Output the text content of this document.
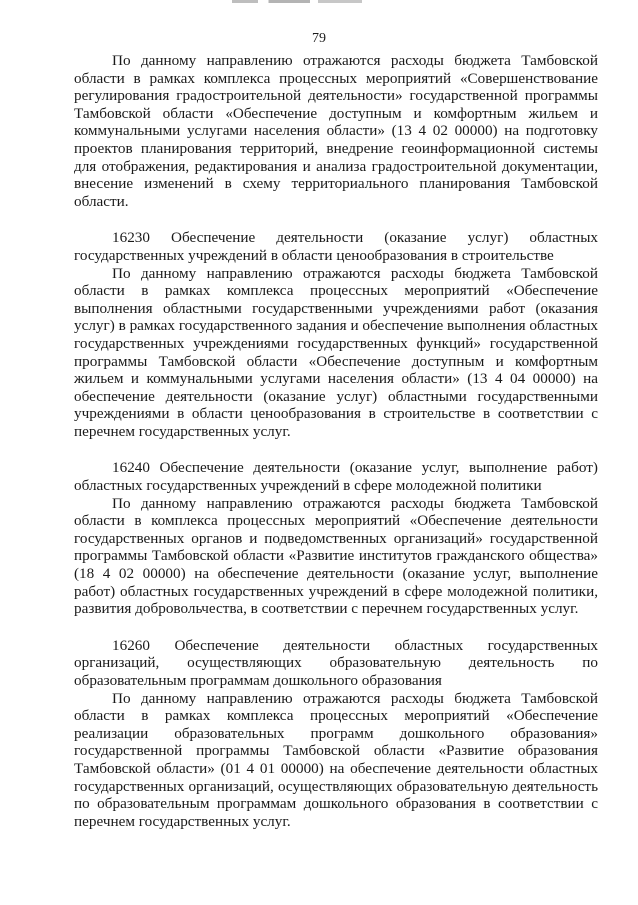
79

По данному направлению отражаются расходы бюджета Тамбовской области в рамках комплекса процессных мероприятий «Совершенствование регулирования градостроительной деятельности» государственной программы Тамбовской области «Обеспечение доступным и комфортным жильем и коммунальными услугами населения области» (13 4 02 00000) на подготовку проектов планирования территорий, внедрение геоинформационной системы для отображения, редактирования и анализа градостроительной документации, внесение изменений в схему территориального планирования Тамбовской области.

16230 Обеспечение деятельности (оказание услуг) областных государственных учреждений в области ценообразования в строительстве

По данному направлению отражаются расходы бюджета Тамбовской области в рамках комплекса процессных мероприятий «Обеспечение выполнения областными государственными учреждениями работ (оказания услуг) в рамках государственного задания и обеспечение выполнения областных государственных учреждениями государственных функций» государственной программы Тамбовской области «Обеспечение доступным и комфортным жильем и коммунальными услугами населения области» (13 4 04 00000) на обеспечение деятельности (оказание услуг) областными государственными учреждениями в области ценообразования в строительстве в соответствии с перечнем государственных услуг.

16240 Обеспечение деятельности (оказание услуг, выполнение работ) областных государственных учреждений в сфере молодежной политики

По данному направлению отражаются расходы бюджета Тамбовской области в комплекса процессных мероприятий «Обеспечение деятельности государственных органов и подведомственных организаций» государственной программы Тамбовской области «Развитие институтов гражданского общества» (18 4 02 00000) на обеспечение деятельности (оказание услуг, выполнение работ) областных государственных учреждений в сфере молодежной политики, развития добровольчества, в соответствии с перечнем государственных услуг.

16260 Обеспечение деятельности областных государственных организаций, осуществляющих образовательную деятельность по образовательным программам дошкольного образования

По данному направлению отражаются расходы бюджета Тамбовской области в рамках комплекса процессных мероприятий «Обеспечение реализации образовательных программ дошкольного образования» государственной программы Тамбовской области «Развитие образования Тамбовской области» (01 4 01 00000) на обеспечение деятельности областных государственных организаций, осуществляющих образовательную деятельность по образовательным программам дошкольного образования в соответствии с перечнем государственных услуг.
